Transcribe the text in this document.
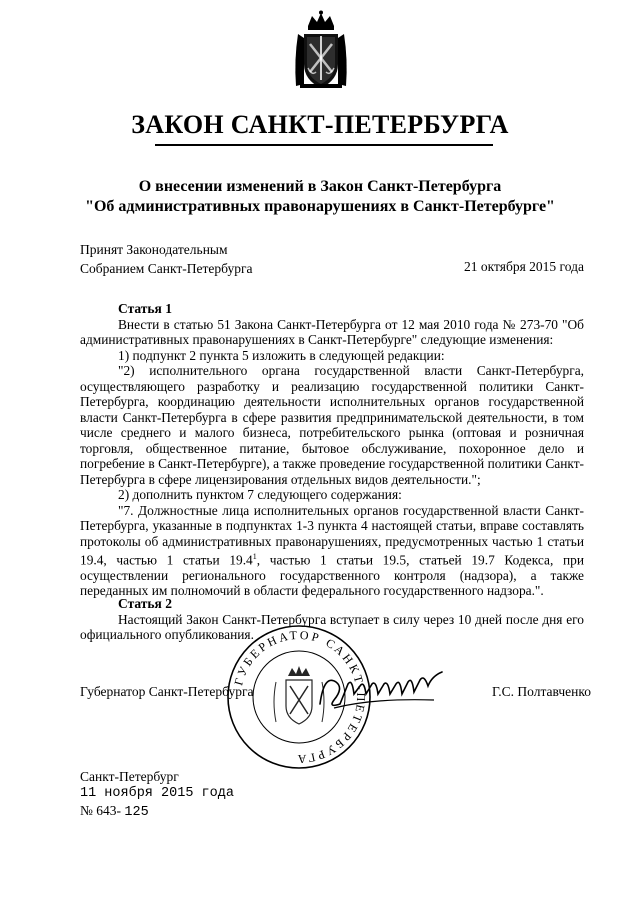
ЗАКОН САНКТ-ПЕТЕРБУРГА
О внесении изменений в Закон Санкт-Петербурга
"Об административных правонарушениях в Санкт-Петербурге"
Принят Законодательным
Собранием Санкт-Петербурга	21 октября 2015 года
Статья 1

Внести в статью 51 Закона Санкт-Петербурга от 12 мая 2010 года № 273-70 "Об административных правонарушениях в Санкт-Петербурге" следующие изменения:

1) подпункт 2 пункта 5 изложить в следующей редакции:

"2) исполнительного органа государственной власти Санкт-Петербурга, осуществляющего разработку и реализацию государственной политики Санкт-Петербурга, координацию деятельности исполнительных органов государственной власти Санкт-Петербурга в сфере развития предпринимательской деятельности, в том числе среднего и малого бизнеса, потребительского рынка (оптовая и розничная торговля, общественное питание, бытовое обслуживание, похоронное дело и погребение в Санкт-Петербурге), а также проведение государственной политики Санкт-Петербурга в сфере лицензирования отдельных видов деятельности.";

2) дополнить пунктом 7 следующего содержания:

"7. Должностные лица исполнительных органов государственной власти Санкт-Петербурга, указанные в подпунктах 1-3 пункта 4 настоящей статьи, вправе составлять протоколы об административных правонарушениях, предусмотренных частью 1 статьи 19.4, частью 1 статьи 19.4$^1$, частью 1 статьи 19.5, статьей 19.7 Кодекса, при осуществлении регионального государственного контроля (надзора), а также переданных им полномочий в области федерального государственного надзора.".

Статья 2

Настоящий Закон Санкт-Петербурга вступает в силу через 10 дней после дня его официального опубликования.

ГУБЕРНАТОР САНКТ-ПЕТЕРБУРГА
Губернатор Санкт-Петербурга	Г.С. Полтавченко
Санкт-Петербург
11 ноября 2015 года
№ 643- 125
